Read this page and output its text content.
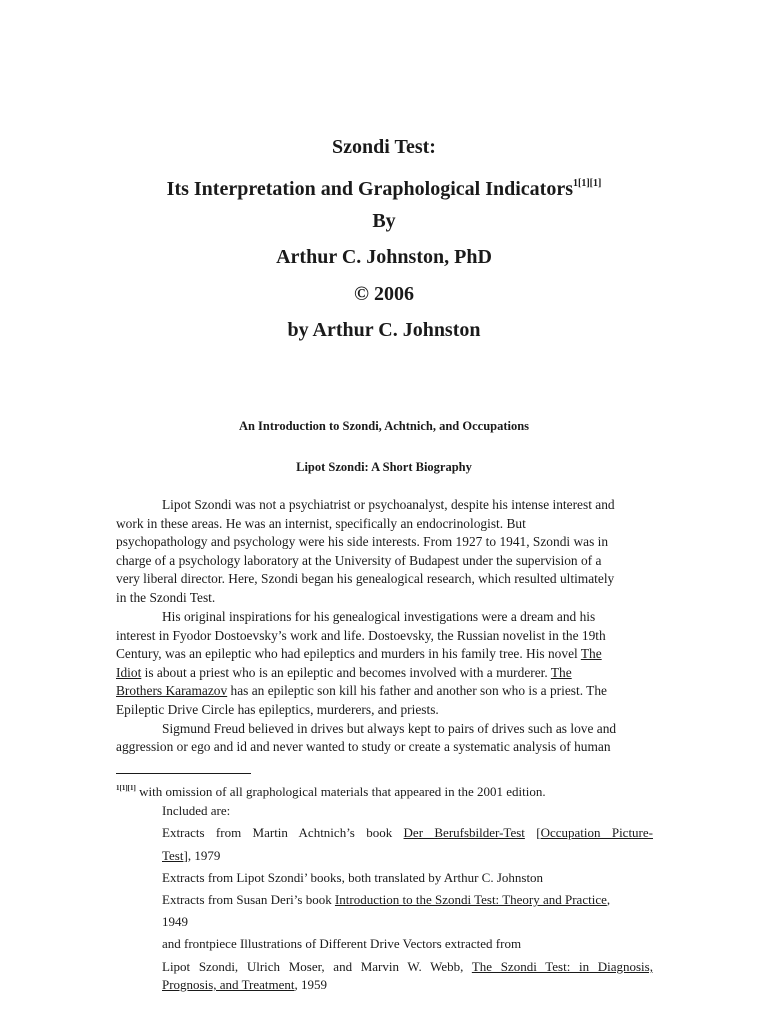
Szondi Test:
Its Interpretation and Graphological Indicators$^{1[1][1]}$
By
Arthur C. Johnston, PhD
© 2006
by Arthur C. Johnston
An Introduction to Szondi, Achtnich, and Occupations
Lipot Szondi: A Short Biography
Lipot Szondi was not a psychiatrist or psychoanalyst, despite his intense interest and
work in these areas. He was an internist, specifically an endocrinologist. But
psychopathology and psychology were his side interests. From 1927 to 1941, Szondi was in
charge of a psychology laboratory at the University of Budapest under the supervision of a
very liberal director. Here, Szondi began his genealogical research, which resulted ultimately
in the Szondi Test.
His original inspirations for his genealogical investigations were a dream and his
interest in Fyodor Dostoevsky’s work and life. Dostoevsky, the Russian novelist in the 19th
Century, was an epileptic who had epileptics and murders in his family tree. His novel The
Idiot is about a priest who is an epileptic and becomes involved with a murderer. The
Brothers Karamazov has an epileptic son kill his father and another son who is a priest. The
Epileptic Drive Circle has epileptics, murderers, and priests.
Sigmund Freud believed in drives but always kept to pairs of drives such as love and
aggression or ego and id and never wanted to study or create a systematic analysis of human
$^{1[1][1]}$ with omission of all graphological materials that appeared in the 2001 edition.
Included are:
Extracts from Martin Achtnich’s book Der Berufsbilder-Test [Occupation Picture-
Test], 1979
Extracts from Lipot Szondi’ books, both translated by Arthur C. Johnston
Extracts from Susan Deri’s book Introduction to the Szondi Test: Theory and Practice,
1949
and frontpiece Illustrations of Different Drive Vectors extracted from
Lipot Szondi, Ulrich Moser, and Marvin W. Webb, The Szondi Test: in Diagnosis,
Prognosis, and Treatment, 1959
